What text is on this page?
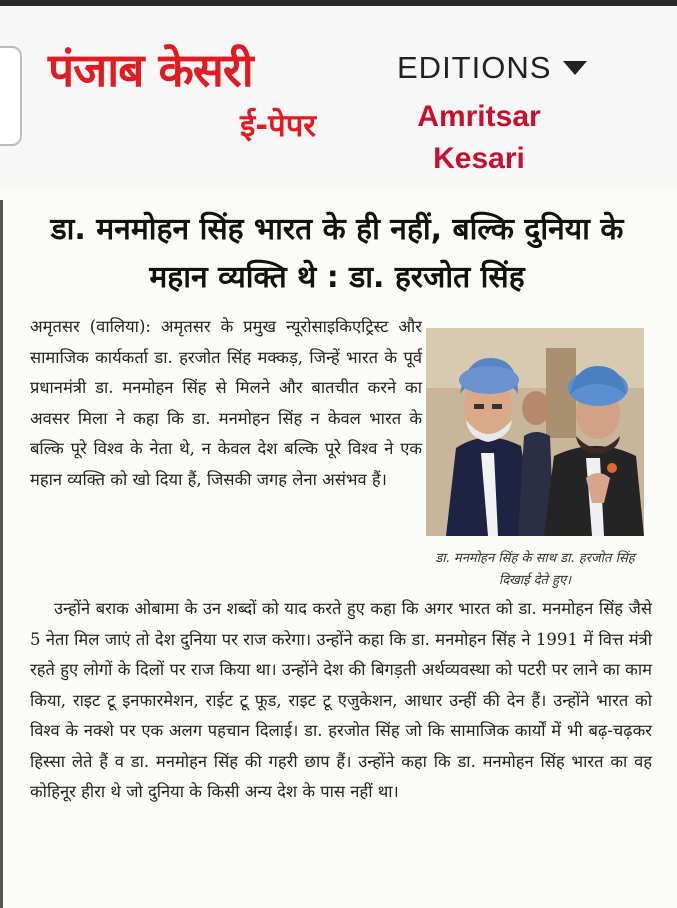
पंजाब केसरी
ई-पेपर
EDITIONS
Amritsar Kesari
डा. मनमोहन सिंह भारत के ही नहीं, बल्कि दुनिया के महान व्यक्ति थे : डा. हरजोत सिंह

अमृतसर (वालिया): अमृतसर के प्रमुख न्यूरोसाइकिएट्रिस्ट और सामाजिक कार्यकर्ता डा. हरजोत सिंह मक्कड़, जिन्हें भारत के पूर्व प्रधानमंत्री डा. मनमोहन सिंह से मिलने और बातचीत करने का अवसर मिला ने कहा कि डा. मनमोहन सिंह न केवल भारत के बल्कि पूरे विश्व के नेता थे, न केवल देश बल्कि पूरे विश्व ने एक महान व्यक्ति को खो दिया हैं, जिसकी जगह लेना असंभव हैं।

डा. मनमोहन सिंह के साथ डा. हरजोत सिंह दिखाई देते हुए।

उन्होंने बराक ओबामा के उन शब्दों को याद करते हुए कहा कि अगर भारत को डा. मनमोहन सिंह जैसे 5 नेता मिल जाएं तो देश दुनिया पर राज करेगा। उन्होंने कहा कि डा. मनमोहन सिंह ने 1991 में वित्त मंत्री रहते हुए लोगों के दिलों पर राज किया था। उन्होंने देश की बिगड़ती अर्थव्यवस्था को पटरी पर लाने का काम किया, राइट टू इनफारमेशन, राईट टू फूड, राइट टू एजुकेशन, आधार उन्हीं की देन हैं। उन्होंने भारत को विश्व के नक्शे पर एक अलग पहचान दिलाई। डा. हरजोत सिंह जो कि सामाजिक कार्यों में भी बढ़-चढ़कर हिस्सा लेते हैं व डा. मनमोहन सिंह की गहरी छाप हैं। उन्होंने कहा कि डा. मनमोहन सिंह भारत का वह कोहिनूर हीरा थे जो दुनिया के किसी अन्य देश के पास नहीं था।
